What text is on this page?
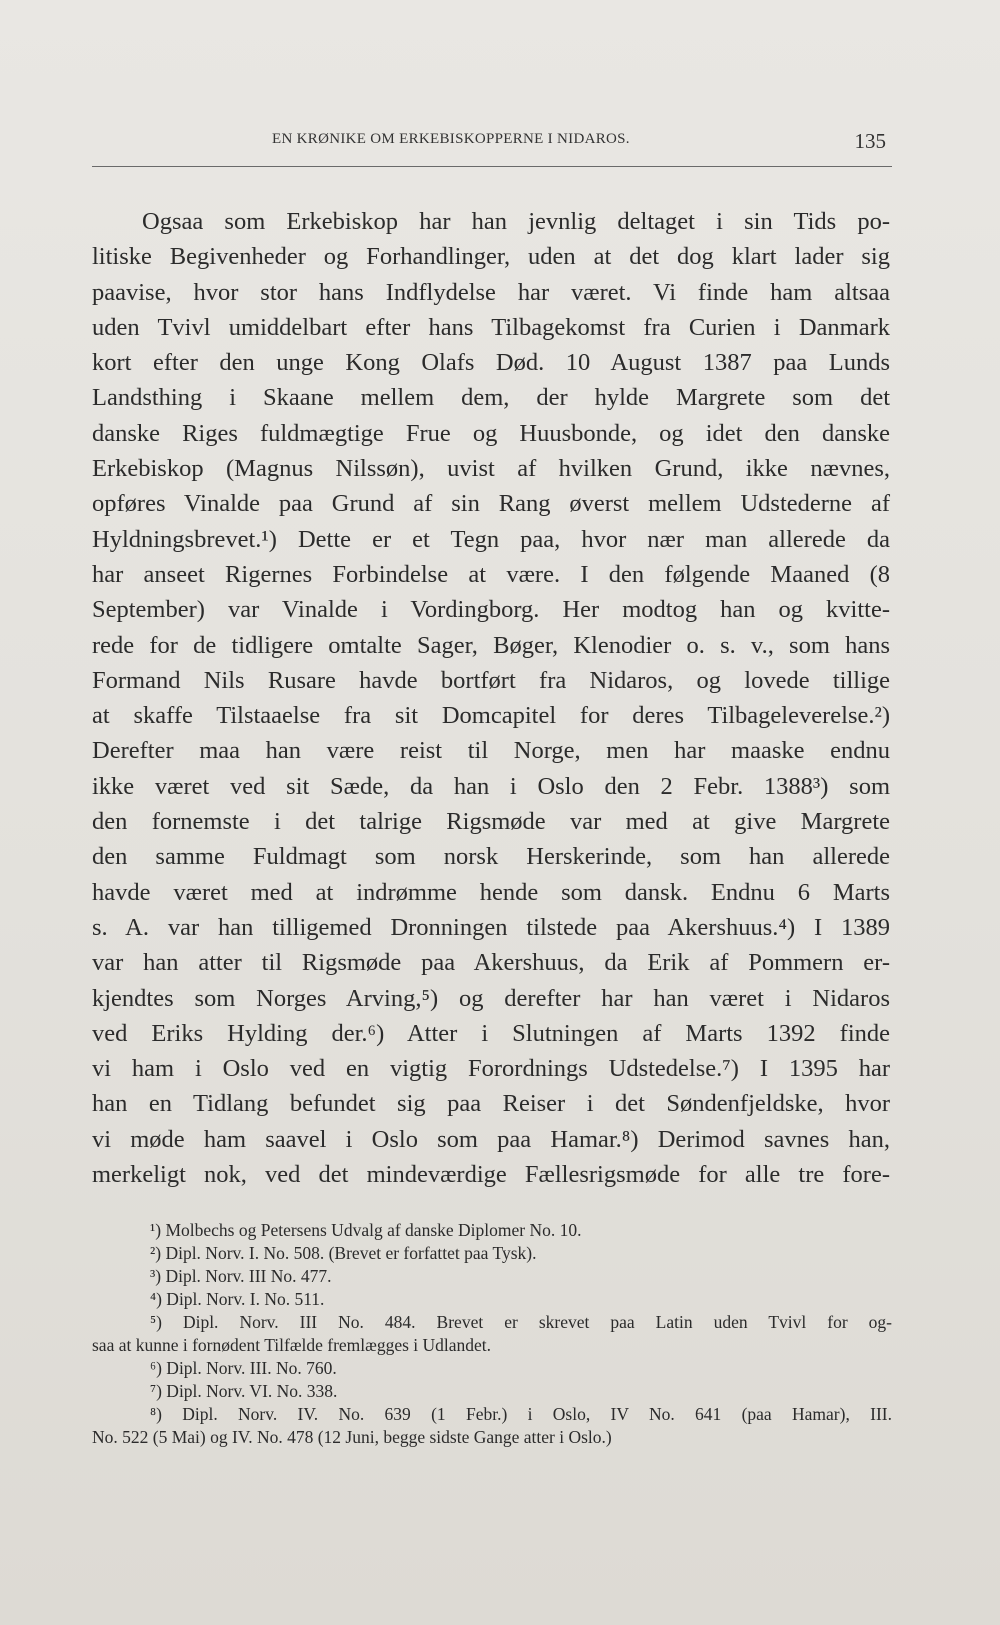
EN KRØNIKE OM ERKEBISKOPPERNE I NIDAROS.	135
Ogsaa som Erkebiskop har han jevnlig deltaget i sin Tids po-
litiske Begivenheder og Forhandlinger, uden at det dog klart lader sig
paavise, hvor stor hans Indflydelse har været. Vi finde ham altsaa
uden Tvivl umiddelbart efter hans Tilbagekomst fra Curien i Danmark
kort efter den unge Kong Olafs Død. 10 August 1387 paa Lunds
Landsthing i Skaane mellem dem, der hylde Margrete som det
danske Riges fuldmægtige Frue og Huusbonde, og idet den danske
Erkebiskop (Magnus Nilssøn), uvist af hvilken Grund, ikke nævnes,
opføres Vinalde paa Grund af sin Rang øverst mellem Udstederne af
Hyldningsbrevet.¹) Dette er et Tegn paa, hvor nær man allerede da
har anseet Rigernes Forbindelse at være. I den følgende Maaned (8
September) var Vinalde i Vordingborg. Her modtog han og kvitte-
rede for de tidligere omtalte Sager, Bøger, Klenodier o. s. v., som hans
Formand Nils Rusare havde bortført fra Nidaros, og lovede tillige
at skaffe Tilstaaelse fra sit Domcapitel for deres Tilbageleverelse.²)
Derefter maa han være reist til Norge, men har maaske endnu
ikke været ved sit Sæde, da han i Oslo den 2 Febr. 1388³) som
den fornemste i det talrige Rigsmøde var med at give Margrete
den samme Fuldmagt som norsk Herskerinde, som han allerede
havde været med at indrømme hende som dansk. Endnu 6 Marts
s. A. var han tilligemed Dronningen tilstede paa Akershuus.⁴) I 1389
var han atter til Rigsmøde paa Akershuus, da Erik af Pommern er-
kjendtes som Norges Arving,⁵) og derefter har han været i Nidaros
ved Eriks Hylding der.⁶) Atter i Slutningen af Marts 1392 finde
vi ham i Oslo ved en vigtig Forordnings Udstedelse.⁷) I 1395 har
han en Tidlang befundet sig paa Reiser i det Søndenfjeldske, hvor
vi møde ham saavel i Oslo som paa Hamar.⁸) Derimod savnes han,
merkeligt nok, ved det mindeværdige Fællesrigsmøde for alle tre fore-
¹) Molbechs og Petersens Udvalg af danske Diplomer No. 10.
²) Dipl. Norv. I. No. 508. (Brevet er forfattet paa Tysk).
³) Dipl. Norv. III No. 477.
⁴) Dipl. Norv. I. No. 511.
⁵) Dipl. Norv. III No. 484. Brevet er skrevet paa Latin uden Tvivl for og-
saa at kunne i fornødent Tilfælde fremlægges i Udlandet.
⁶) Dipl. Norv. III. No. 760.
⁷) Dipl. Norv. VI. No. 338.
⁸) Dipl. Norv. IV. No. 639 (1 Febr.) i Oslo, IV No. 641 (paa Hamar), III.
No. 522 (5 Mai) og IV. No. 478 (12 Juni, begge sidste Gange atter i Oslo.)
